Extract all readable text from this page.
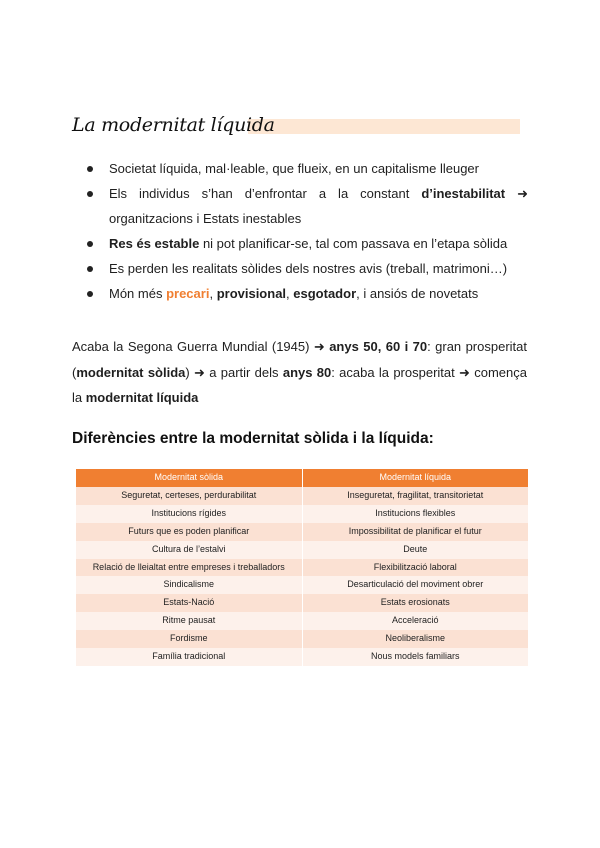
La modernitat líquida
Societat líquida, mal·leable, que flueix, en un capitalisme lleuger
Els individus s’han d’enfrontar a la constant d’inestabilitat ➜ organitzacions i Estats inestables
Res és estable ni pot planificar-se, tal com passava en l’etapa sòlida
Es perden les realitats sòlides dels nostres avis (treball, matrimoni…)
Món més precari, provisional, esgotador, i ansiós de novetats

Acaba la Segona Guerra Mundial (1945) ➜ anys 50, 60 i 70: gran prosperitat (modernitat sòlida) ➜ a partir dels anys 80: acaba la prosperitat ➜ comença la modernitat líquida

Diferències entre la modernitat sòlida i la líquida:
Modernitat sòlida	Modernitat líquida
Seguretat, certeses, perdurabilitat	Inseguretat, fragilitat, transitorietat
Institucions rígides	Institucions flexibles
Futurs que es poden planificar	Impossibilitat de planificar el futur
Cultura de l’estalvi	Deute
Relació de lleialtat entre empreses i treballadors	Flexibilització laboral
Sindicalisme	Desarticulació del moviment obrer
Estats-Nació	Estats erosionats
Ritme pausat	Acceleració
Fordisme	Neoliberalisme
Família tradicional	Nous models familiars
